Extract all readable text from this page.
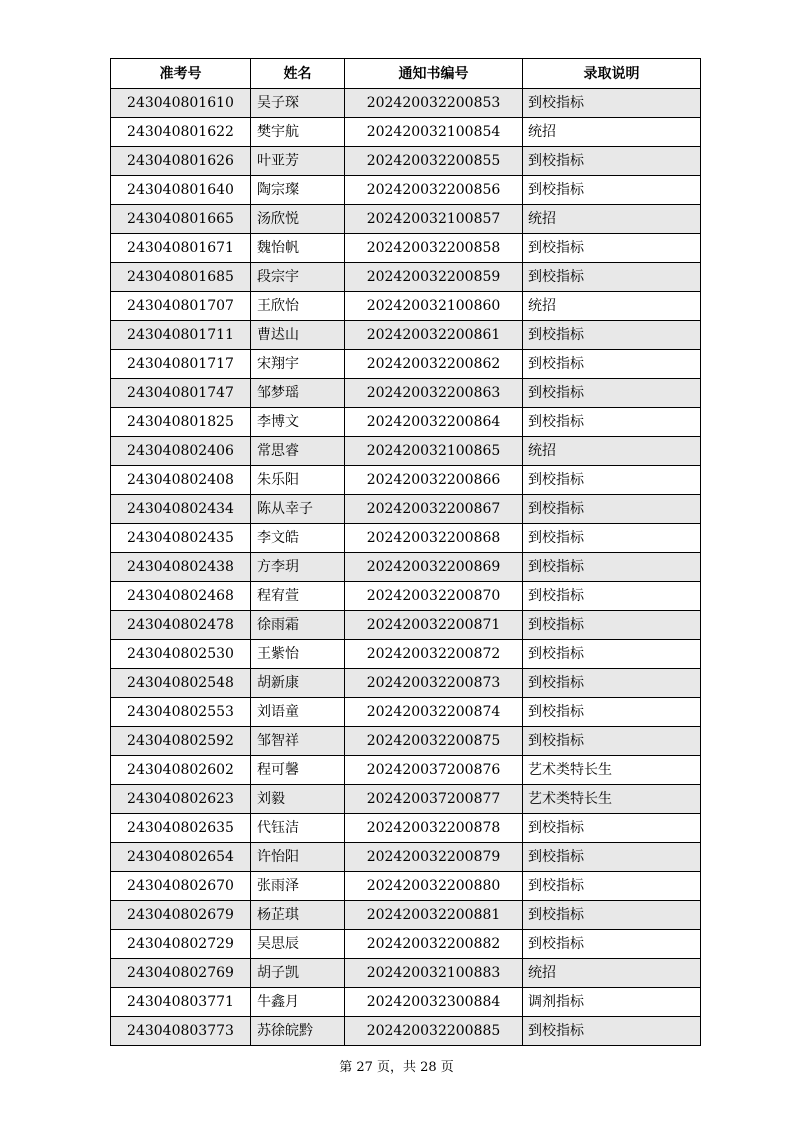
准考号	姓名	通知书编号	录取说明
243040801610	吴子琛	202420032200853	到校指标
243040801622	樊宇航	202420032100854	统招
243040801626	叶亚芳	202420032200855	到校指标
243040801640	陶宗璨	202420032200856	到校指标
243040801665	汤欣悦	202420032100857	统招
243040801671	魏怡帆	202420032200858	到校指标
243040801685	段宗宇	202420032200859	到校指标
243040801707	王欣怡	202420032100860	统招
243040801711	曹迖山	202420032200861	到校指标
243040801717	宋翔宇	202420032200862	到校指标
243040801747	邹梦瑶	202420032200863	到校指标
243040801825	李博文	202420032200864	到校指标
243040802406	常思睿	202420032100865	统招
243040802408	朱乐阳	202420032200866	到校指标
243040802434	陈从幸子	202420032200867	到校指标
243040802435	李文皓	202420032200868	到校指标
243040802438	方李玥	202420032200869	到校指标
243040802468	程宥萱	202420032200870	到校指标
243040802478	徐雨霜	202420032200871	到校指标
243040802530	王紫怡	202420032200872	到校指标
243040802548	胡新康	202420032200873	到校指标
243040802553	刘语童	202420032200874	到校指标
243040802592	邹智祥	202420032200875	到校指标
243040802602	程可馨	202420037200876	艺术类特长生
243040802623	刘毅	202420037200877	艺术类特长生
243040802635	代钰洁	202420032200878	到校指标
243040802654	许怡阳	202420032200879	到校指标
243040802670	张雨泽	202420032200880	到校指标
243040802679	杨芷琪	202420032200881	到校指标
243040802729	吴思辰	202420032200882	到校指标
243040802769	胡子凯	202420032100883	统招
243040803771	牛鑫月	202420032300884	调剂指标
243040803773	苏徐皖黔	202420032200885	到校指标
第 27 页，共 28 页
